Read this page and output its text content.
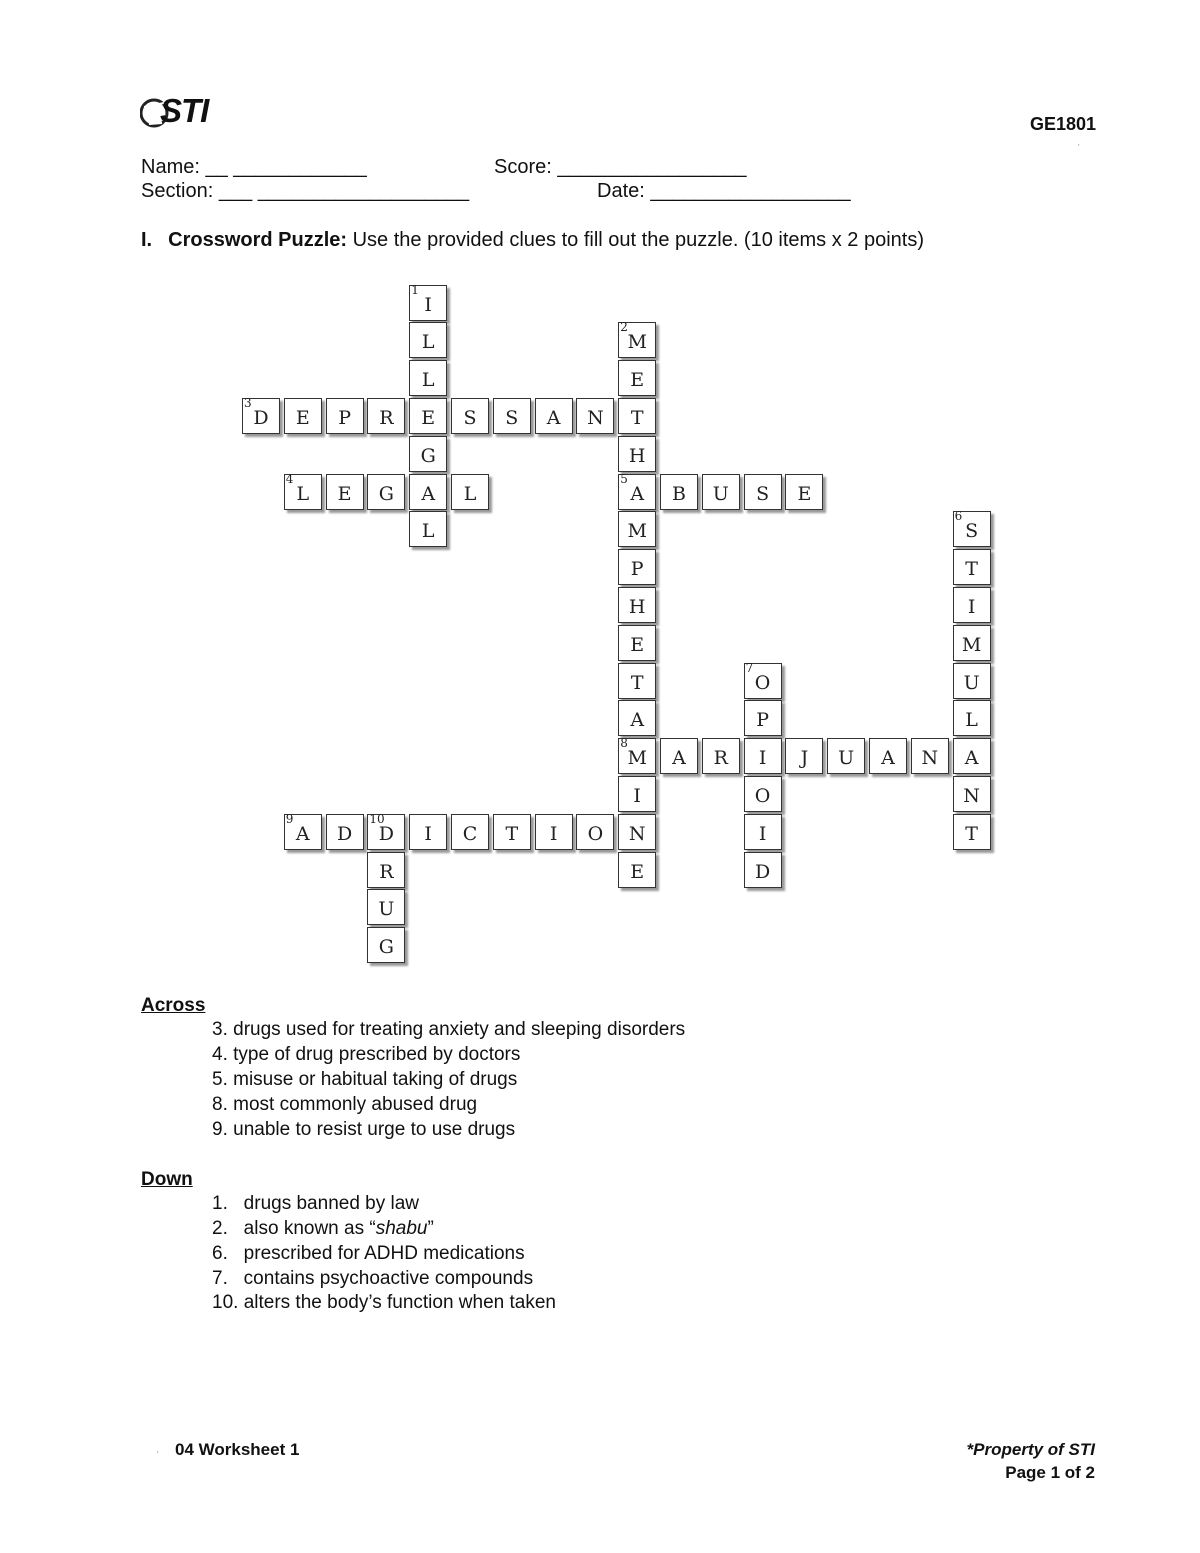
STI	GE1801
'
Name: __ ____________	Score: _________________
Section: ___ ___________________	Date: __________________
I. Crossword Puzzle: Use the provided clues to fill out the puzzle. (10 items x 2 points)
I
1
L
L
E
G
A
L
M
2
E
T
H
A
5
M
P
H
E
T
A
M
8
I
N
E
D
3
E	P	R	S	S	A	N
L
4
E	G	L	B	U	S	E
S
6
T
I
M
U
L
A
N
T
O
7
P
I
O
I
D
A	R	J	U	A	N
A
9
D	D
10
I	C	T	I	O
R
U
G
Across
3. drugs used for treating anxiety and sleeping disorders
4. type of drug prescribed by doctors
5. misuse or habitual taking of drugs
8. most commonly abused drug
9. unable to resist urge to use drugs
Down
1.   drugs banned by law
2.   also known as “shabu”
6.   prescribed for ADHD medications
7.   contains psychoactive compounds
10. alters the body’s function when taken
' 04 Worksheet 1	*Property of STI
Page 1 of 2
